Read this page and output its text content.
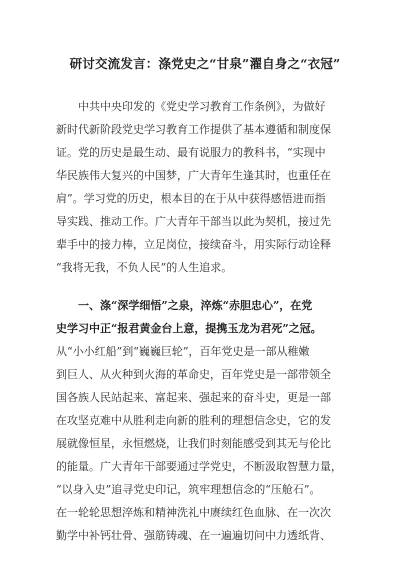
研讨交流发言：涤党史之“甘泉”濯自身之“衣冠”
中共中央印发的《党史学习教育工作条例》，为做好
新时代新阶段党史学习教育工作提供了基本遵循和制度保
证。党的历史是最生动、最有说服力的教科书，“实现中
华民族伟大复兴的中国梦，广大青年生逢其时，也重任在
肩”。学习党的历史，根本目的在于从中获得感悟进而指
导实践、推动工作。广大青年干部当以此为契机，接过先
辈手中的接力棒，立足岗位，接续奋斗，用实际行动诠释
“我将无我，不负人民”的人生追求。
一、涤“深学细悟”之泉，淬炼“赤胆忠心”，在党
史学习中正“报君黄金台上意，提携玉龙为君死”之冠。
从“小小红船”到“巍巍巨轮”，百年党史是一部从稚嫩
到巨人、从火种到火海的革命史，百年党史是一部带领全
国各族人民站起来、富起来、强起来的奋斗史，更是一部
在攻坚克难中从胜利走向新的胜利的理想信念史，它的发
展就像恒星，永恒燃烧，让我们时刻能感受到其无与伦比
的能量。广大青年干部要通过学党史，不断汲取智慧力量，
“以身入史”追寻党史印记，筑牢理想信念的“压舱石”。
在一轮轮思想淬炼和精神洗礼中赓续红色血脉、在一次次
勤学中补钙壮骨、强筋铸魂、在一遍遍切问中力透纸背、
